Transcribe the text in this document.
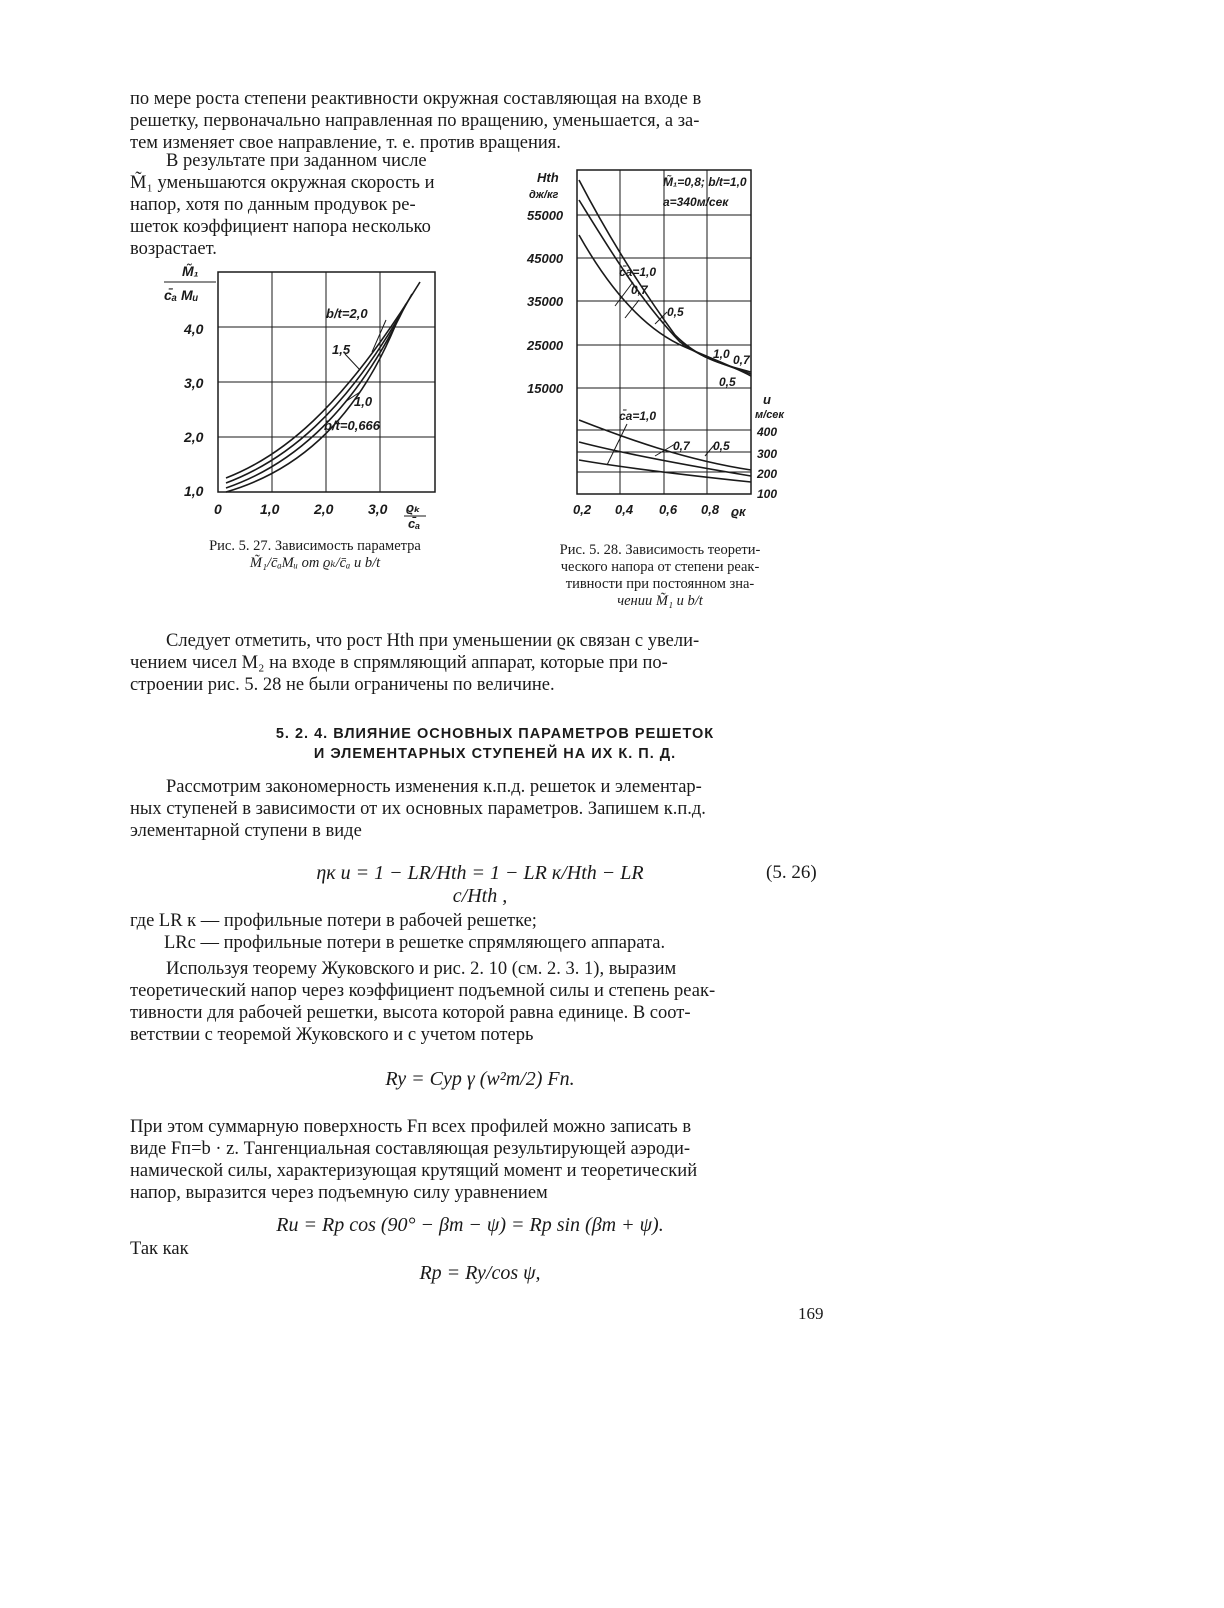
по мере роста степени реактивности окружная составляющая на входе в
решетку, первоначально направленная по вращению, уменьшается, а за-
тем изменяет свое направление, т. е. против вращения.
В результате при заданном числе
M̃₁ уменьшаются окружная скорость и
напор, хотя по данным продувок ре-
шеток коэффициент напора несколько
возрастает.
M̃₁
c̄ₐ Mᵤ
1,0
2,0
3,0
4,0
0	1,0 2,0 3,0 ϱₖ
c̄ₐ
b/t=2,0
1,5
1,0
b/t=0,666
Рис. 5. 27. Зависимость параметра
M̃₁/c̄ₐMᵤ от ϱₖ/c̄ₐ и b/t
M̃₁=0,8; b/t=1,0
a=340м/сек
Hth
дж/кг
55000
45000
35000
25000
15000
u
м/сек
400
300
200
100
0,2 0,4 0,6 0,8 ϱк
c̄a=1,0
0,7
0,5
1,0 0,7
0,5
c̄a=1,0
0,7 0,5
Рис. 5. 28. Зависимость теорети-
ческого напора от степени реак-
тивности при постоянном зна-
чении M̃₁ и b/t
Следует отметить, что рост Hth при уменьшении ϱк связан с увели-
чением чисел M₂ на входе в спрямляющий аппарат, которые при по-
строении рис. 5. 28 не были ограничены по величине.
5. 2. 4. ВЛИЯНИЕ ОСНОВНЫХ ПАРАМЕТРОВ РЕШЕТОК
И ЭЛЕМЕНТАРНЫХ СТУПЕНЕЙ НА ИХ К. П. Д.
Рассмотрим закономерность изменения к.п.д. решеток и элементар-
ных ступеней в зависимости от их основных параметров. Запишем к.п.д.
элементарной ступени в виде
ηк u = 1 − LR/Hth = 1 − LR к/Hth − LR c/Hth ,
(5. 26)
где LR к — профильные потери в рабочей решетке;
LRc — профильные потери в решетке спрямляющего аппарата.
Используя теорему Жуковского и рис. 2. 10 (см. 2. 3. 1), выразим
теоретический напор через коэффициент подъемной силы и степень реак-
тивности для рабочей решетки, высота которой равна единице. В соот-
ветствии с теоремой Жуковского и с учетом потерь
Ry = Cyp γ (w²m/2) Fп.
При этом суммарную поверхность Fп всех профилей можно записать в
виде Fп=b · z. Тангенциальная составляющая результирующей аэроди-
намической силы, характеризующая крутящий момент и теоретический
напор, выразится через подъемную силу уравнением
Ru = Rp cos (90° − βm − ψ) = Rp sin (βm + ψ).
Так как
Rp = Ry/cos ψ,
169
